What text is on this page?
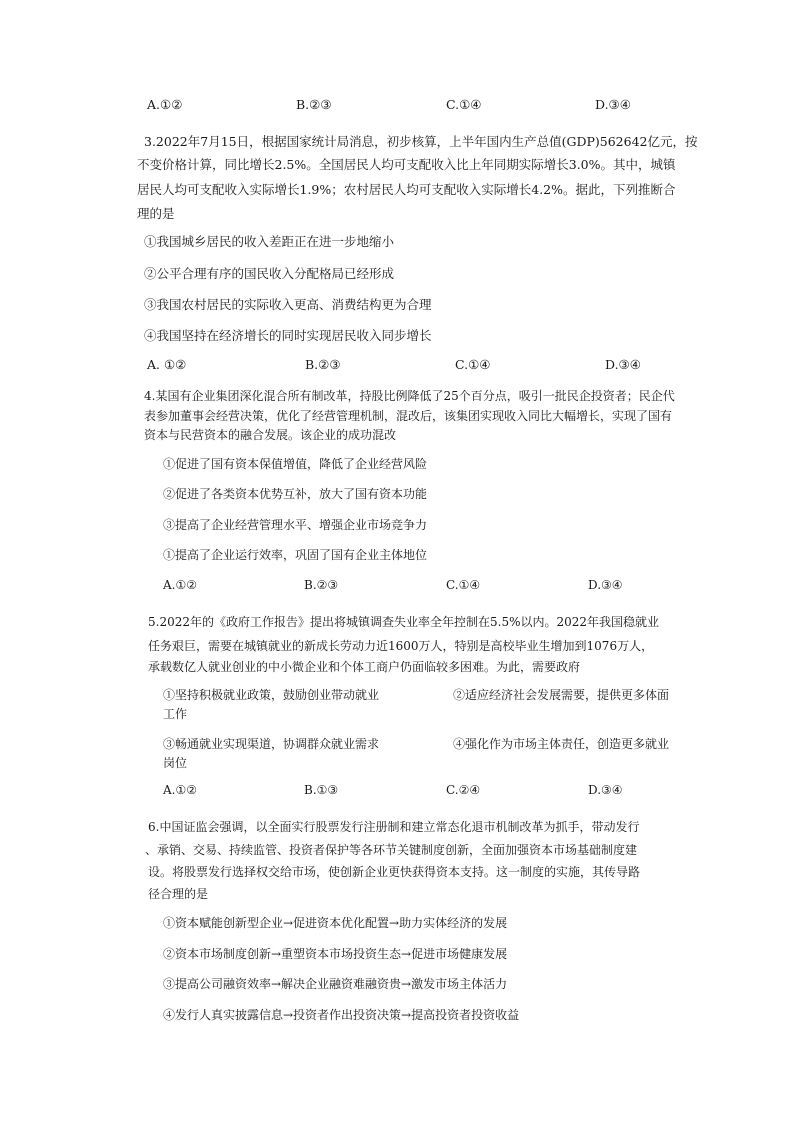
A.①②	B.②③	C.①④	D.③④
3.2022年7月15日，根据国家统计局消息，初步核算，上半年国内生产总值(GDP)562642亿元，按
不变价格计算，同比增长2.5%。全国居民人均可支配收入比上年同期实际增长3.0%。其中，城镇
居民人均可支配收入实际增长1.9%；农村居民人均可支配收入实际增长4.2%。据此，下列推断合
理的是
①我国城乡居民的收入差距正在进一步地缩小
②公平合理有序的国民收入分配格局已经形成
③我国农村居民的实际收入更高、消费结构更为合理
④我国坚持在经济增长的同时实现居民收入同步增长
A. ①②	B.②③	C.①④	D.③④
4.某国有企业集团深化混合所有制改革，持股比例降低了25个百分点，吸引一批民企投资者；民企代
表参加董事会经营决策，优化了经营管理机制，混改后，该集团实现收入同比大幅增长，实现了国有
资本与民营资本的融合发展。该企业的成功混改
①促进了国有资本保值增值，降低了企业经营风险
②促进了各类资本优势互补，放大了国有资本功能
③提高了企业经营管理水平、增强企业市场竞争力
①提高了企业运行效率，巩固了国有企业主体地位
A.①②	B.②③	C.①④	D.③④
5.2022年的《政府工作报告》提出将城镇调查失业率全年控制在5.5%以内。2022年我国稳就业
任务艰巨，需要在城镇就业的新成长劳动力近1600万人，特别是高校毕业生增加到1076万人，
承载数亿人就业创业的中小微企业和个体工商户仍面临较多困难。为此，需要政府
①坚持积极就业政策，鼓励创业带动就业
工作
②适应经济社会发展需要，提供更多体面
③畅通就业实现渠道，协调群众就业需求
岗位
④强化作为市场主体责任，创造更多就业
A.①②	B.①③	C.②④	D.③④
6.中国证监会强调，以全面实行股票发行注册制和建立常态化退市机制改革为抓手，带动发行
、承销、交易、持续监管、投资者保护等各环节关键制度创新，全面加强资本市场基础制度建
设。将股票发行选择权交给市场，使创新企业更快获得资本支持。这一制度的实施，其传导路
径合理的是
①资本赋能创新型企业→促进资本优化配置→助力实体经济的发展
②资本市场制度创新→重塑资本市场投资生态→促进市场健康发展
③提高公司融资效率→解决企业融资难融资贵→激发市场主体活力
④发行人真实披露信息→投资者作出投资决策→提高投资者投资收益
